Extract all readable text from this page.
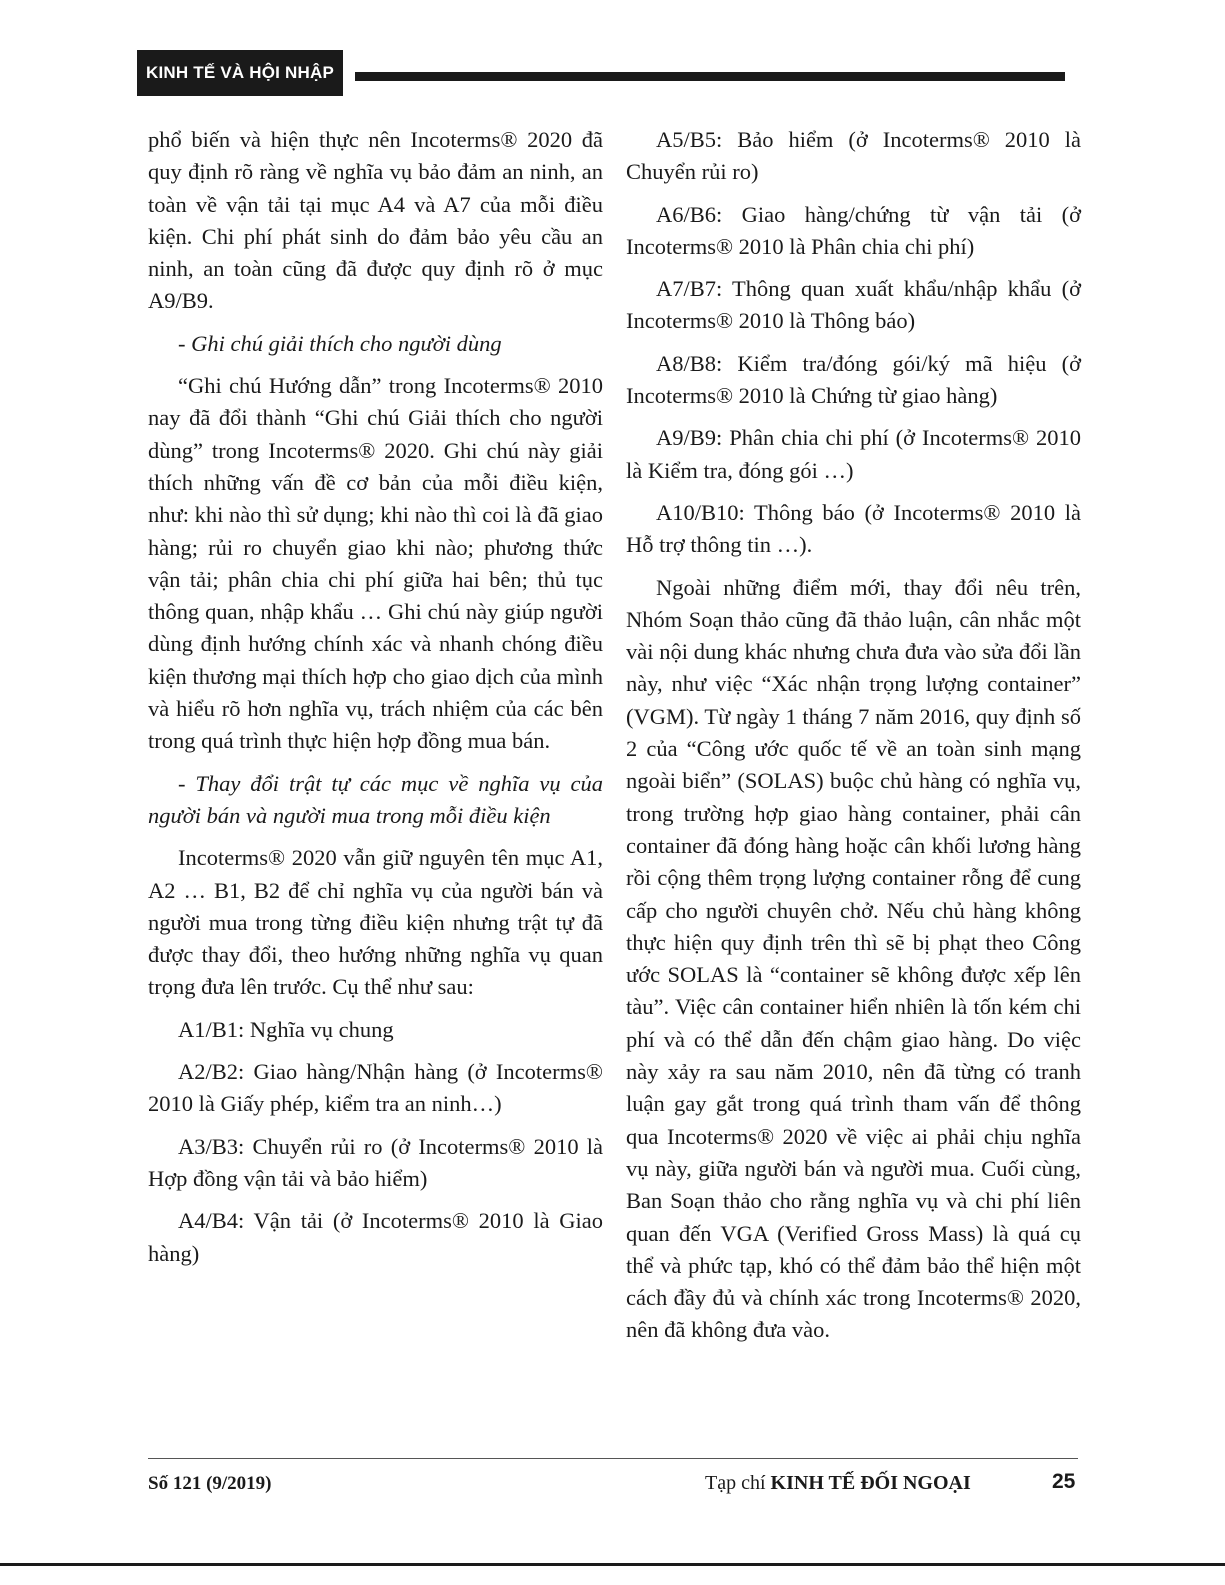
KINH TẾ VÀ HỘI NHẬP

phổ biến và hiện thực nên Incoterms® 2020 đã quy định rõ ràng về nghĩa vụ bảo đảm an ninh, an toàn về vận tải tại mục A4 và A7 của mỗi điều kiện. Chi phí phát sinh do đảm bảo yêu cầu an ninh, an toàn cũng đã được quy định rõ ở mục A9/B9.

- Ghi chú giải thích cho người dùng

“Ghi chú Hướng dẫn” trong Incoterms® 2010 nay đã đổi thành “Ghi chú Giải thích cho người dùng” trong Incoterms® 2020. Ghi chú này giải thích những vấn đề cơ bản của mỗi điều kiện, như: khi nào thì sử dụng; khi nào thì coi là đã giao hàng; rủi ro chuyển giao khi nào; phương thức vận tải; phân chia chi phí giữa hai bên; thủ tục thông quan, nhập khẩu … Ghi chú này giúp người dùng định hướng chính xác và nhanh chóng điều kiện thương mại thích hợp cho giao dịch của mình và hiểu rõ hơn nghĩa vụ, trách nhiệm của các bên trong quá trình thực hiện hợp đồng mua bán.

- Thay đổi trật tự các mục về nghĩa vụ của người bán và người mua trong mỗi điều kiện

Incoterms® 2020 vẫn giữ nguyên tên mục A1, A2 … B1, B2 để chỉ nghĩa vụ của người bán và người mua trong từng điều kiện nhưng trật tự đã được thay đổi, theo hướng những nghĩa vụ quan trọng đưa lên trước. Cụ thể như sau:

A1/B1: Nghĩa vụ chung

A2/B2: Giao hàng/Nhận hàng (ở Incoterms® 2010 là Giấy phép, kiểm tra an ninh…)

A3/B3: Chuyển rủi ro (ở Incoterms® 2010 là Hợp đồng vận tải và bảo hiểm)

A4/B4: Vận tải (ở Incoterms® 2010 là Giao hàng)

A5/B5: Bảo hiểm (ở Incoterms® 2010 là Chuyển rủi ro)

A6/B6: Giao hàng/chứng từ vận tải (ở Incoterms® 2010 là Phân chia chi phí)

A7/B7: Thông quan xuất khẩu/nhập khẩu (ở Incoterms® 2010 là Thông báo)

A8/B8: Kiểm tra/đóng gói/ký mã hiệu (ở Incoterms® 2010 là Chứng từ giao hàng)

A9/B9: Phân chia chi phí (ở Incoterms® 2010 là Kiểm tra, đóng gói …)

A10/B10: Thông báo (ở Incoterms® 2010 là Hỗ trợ thông tin …).

Ngoài những điểm mới, thay đổi nêu trên, Nhóm Soạn thảo cũng đã thảo luận, cân nhắc một vài nội dung khác nhưng chưa đưa vào sửa đổi lần này, như việc “Xác nhận trọng lượng container” (VGM). Từ ngày 1 tháng 7 năm 2016, quy định số 2 của “Công ước quốc tế về an toàn sinh mạng ngoài biển” (SOLAS) buộc chủ hàng có nghĩa vụ, trong trường hợp giao hàng container, phải cân container đã đóng hàng hoặc cân khối lương hàng rồi cộng thêm trọng lượng container rỗng để cung cấp cho người chuyên chở. Nếu chủ hàng không thực hiện quy định trên thì sẽ bị phạt theo Công ước SOLAS là “container sẽ không được xếp lên tàu”. Việc cân container hiển nhiên là tốn kém chi phí và có thể dẫn đến chậm giao hàng. Do việc này xảy ra sau năm 2010, nên đã từng có tranh luận gay gắt trong quá trình tham vấn để thông qua Incoterms® 2020 về việc ai phải chịu nghĩa vụ này, giữa người bán và người mua. Cuối cùng, Ban Soạn thảo cho rằng nghĩa vụ và chi phí liên quan đến VGA (Verified Gross Mass) là quá cụ thể và phức tạp, khó có thể đảm bảo thể hiện một cách đầy đủ và chính xác trong Incoterms® 2020, nên đã không đưa vào.

Số 121 (9/2019)	Tạp chí KINH TẾ ĐỐI NGOẠI	25
